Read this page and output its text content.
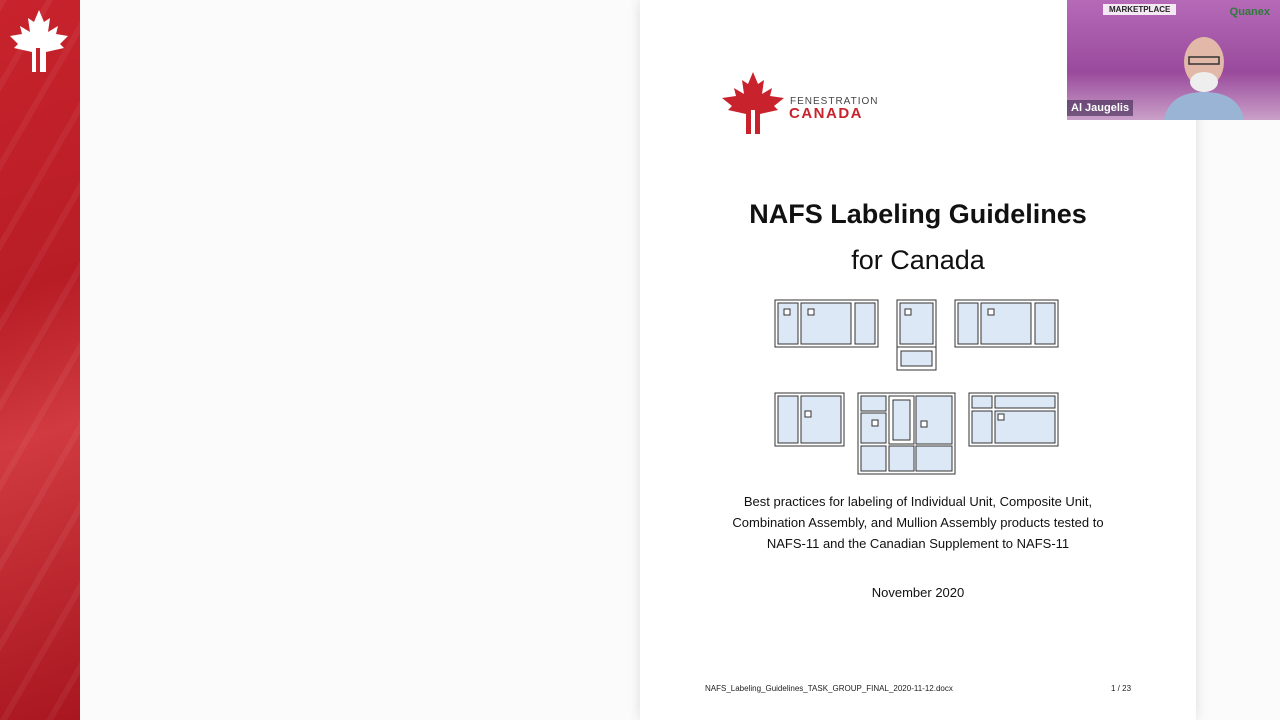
FENESTRATION
CANADA
NAFS Labeling Guidelines
for Canada
Best practices for labeling of Individual Unit, Composite Unit,
Combination Assembly, and Mullion Assembly products tested to
NAFS-11 and the Canadian Supplement to NAFS-11
November 2020
NAFS_Labeling_Guidelines_TASK_GROUP_FINAL_2020-11-12.docx	1 / 23
MARKETPLACE	Quanex
Al Jaugelis
